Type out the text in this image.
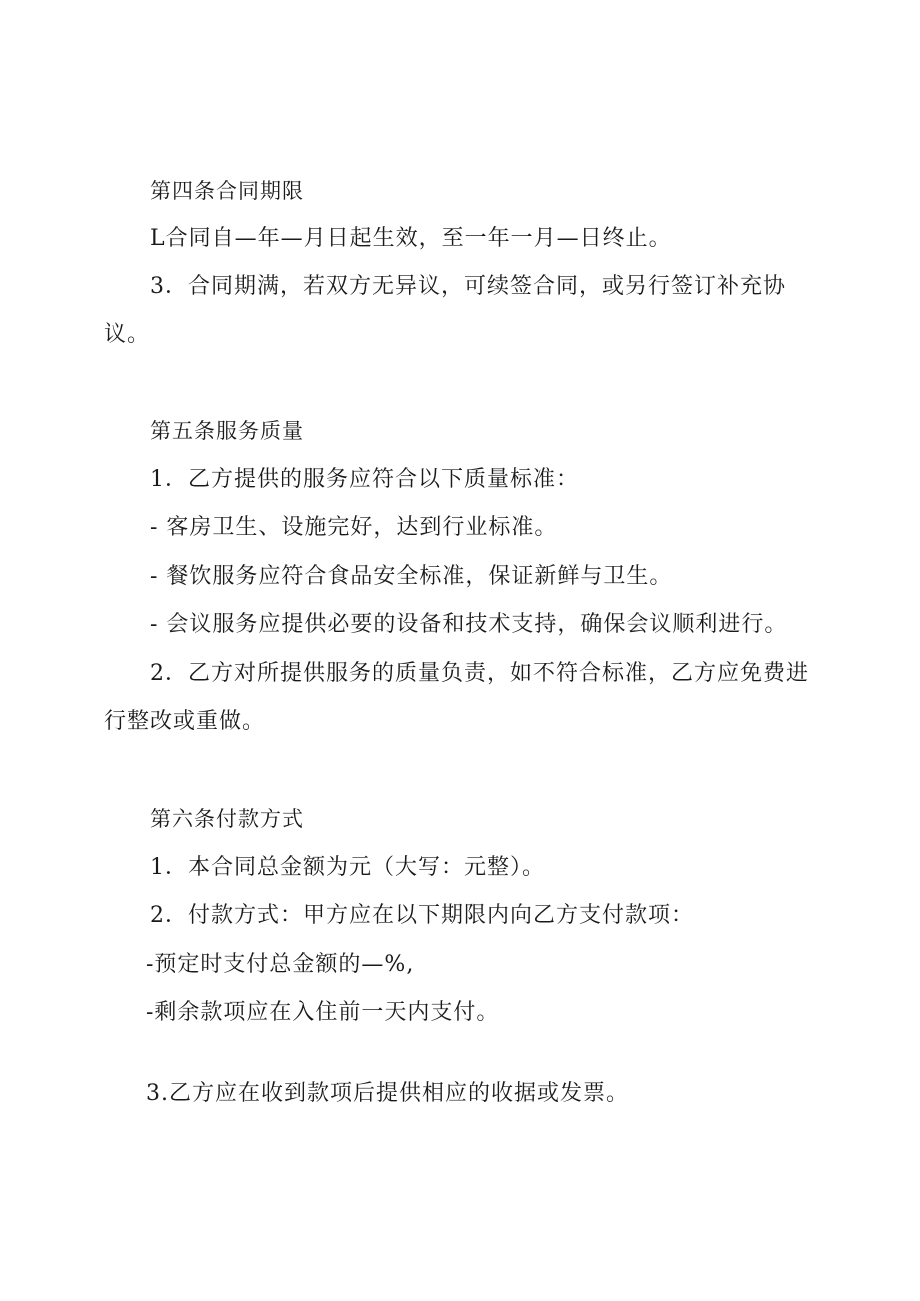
第四条合同期限
L合同自—年—月日起生效，至一年一月—日终止。
3．合同期满，若双方无异议，可续签合同，或另行签订补充协
议。
第五条服务质量
1．乙方提供的服务应符合以下质量标准：
- 客房卫生、设施完好，达到行业标准。
- 餐饮服务应符合食品安全标准，保证新鲜与卫生。
- 会议服务应提供必要的设备和技术支持，确保会议顺利进行。
2．乙方对所提供服务的质量负责，如不符合标准，乙方应免费进
行整改或重做。
第六条付款方式
1．本合同总金额为元（大写：元整）。
2．付款方式：甲方应在以下期限内向乙方支付款项：
-预定时支付总金额的—%,
-剩余款项应在入住前一天内支付。
3.乙方应在收到款项后提供相应的收据或发票。
